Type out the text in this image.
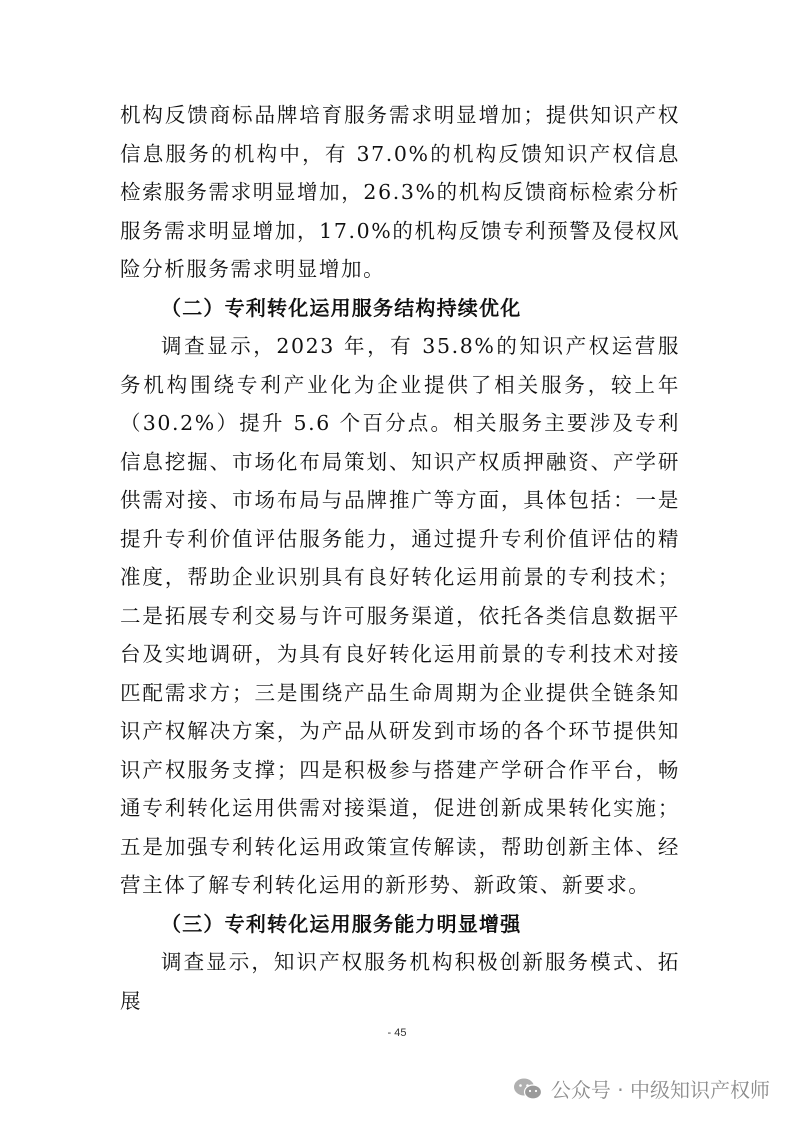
机构反馈商标品牌培育服务需求明显增加；提供知识产权信息服务的机构中，有 37.0%的机构反馈知识产权信息检索服务需求明显增加，26.3%的机构反馈商标检索分析服务需求明显增加，17.0%的机构反馈专利预警及侵权风险分析服务需求明显增加。

（二）专利转化运用服务结构持续优化

调查显示，2023 年，有 35.8%的知识产权运营服务机构围绕专利产业化为企业提供了相关服务，较上年（30.2%）提升 5.6 个百分点。相关服务主要涉及专利信息挖掘、市场化布局策划、知识产权质押融资、产学研供需对接、市场布局与品牌推广等方面，具体包括：一是提升专利价值评估服务能力，通过提升专利价值评估的精准度，帮助企业识别具有良好转化运用前景的专利技术；二是拓展专利交易与许可服务渠道，依托各类信息数据平台及实地调研，为具有良好转化运用前景的专利技术对接匹配需求方；三是围绕产品生命周期为企业提供全链条知识产权解决方案，为产品从研发到市场的各个环节提供知识产权服务支撑；四是积极参与搭建产学研合作平台，畅通专利转化运用供需对接渠道，促进创新成果转化实施；五是加强专利转化运用政策宣传解读，帮助创新主体、经营主体了解专利转化运用的新形势、新政策、新要求。

（三）专利转化运用服务能力明显增强

调查显示，知识产权服务机构积极创新服务模式、拓展

- 45
公众号 · 中级知识产权师
